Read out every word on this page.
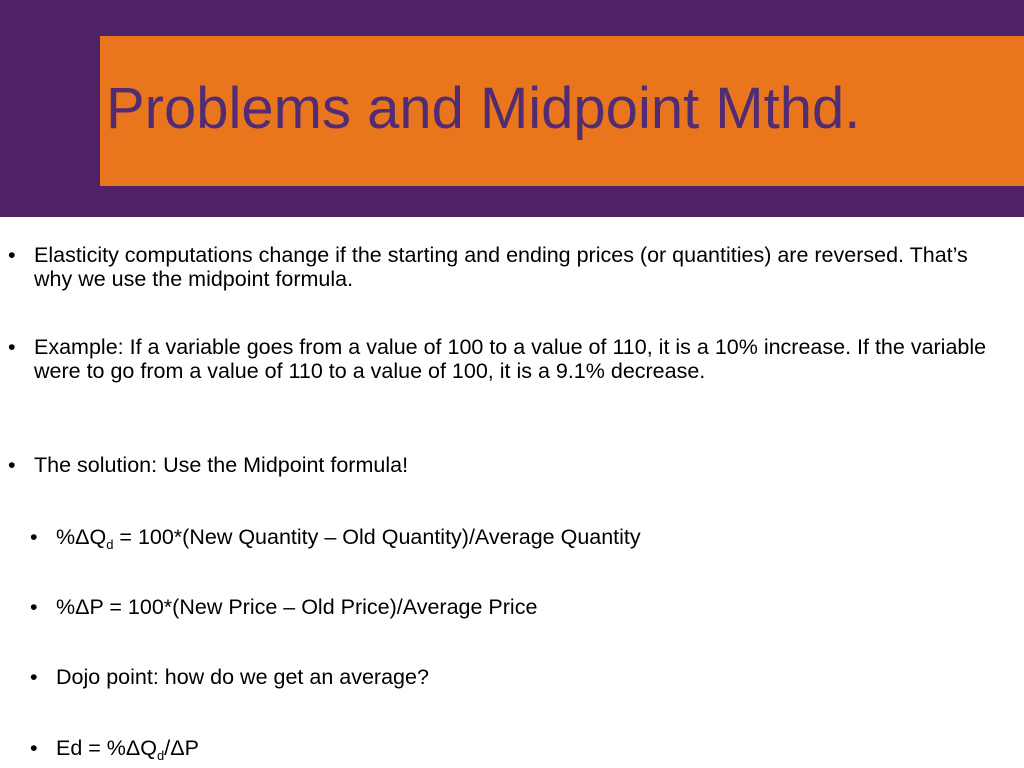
Problems and Midpoint Mthd.

• Elasticity computations change if the starting and ending prices (or quantities) are reversed. That’s why we use the midpoint formula.

• Example: If a variable goes from a value of 100 to a value of 110, it is a 10% increase. If the variable were to go from a value of 110 to a value of 100, it is a 9.1% decrease.

• The solution: Use the Midpoint formula!

• $\%\Delta Q_d = 100*(New$ Quantity – Old Quantity)/Average Quantity

• %ΔP = 100*(New Price – Old Price)/Average Price

• Dojo point: how do we get an average?

• $Ed = \%\Delta Q_d/\Delta P$
